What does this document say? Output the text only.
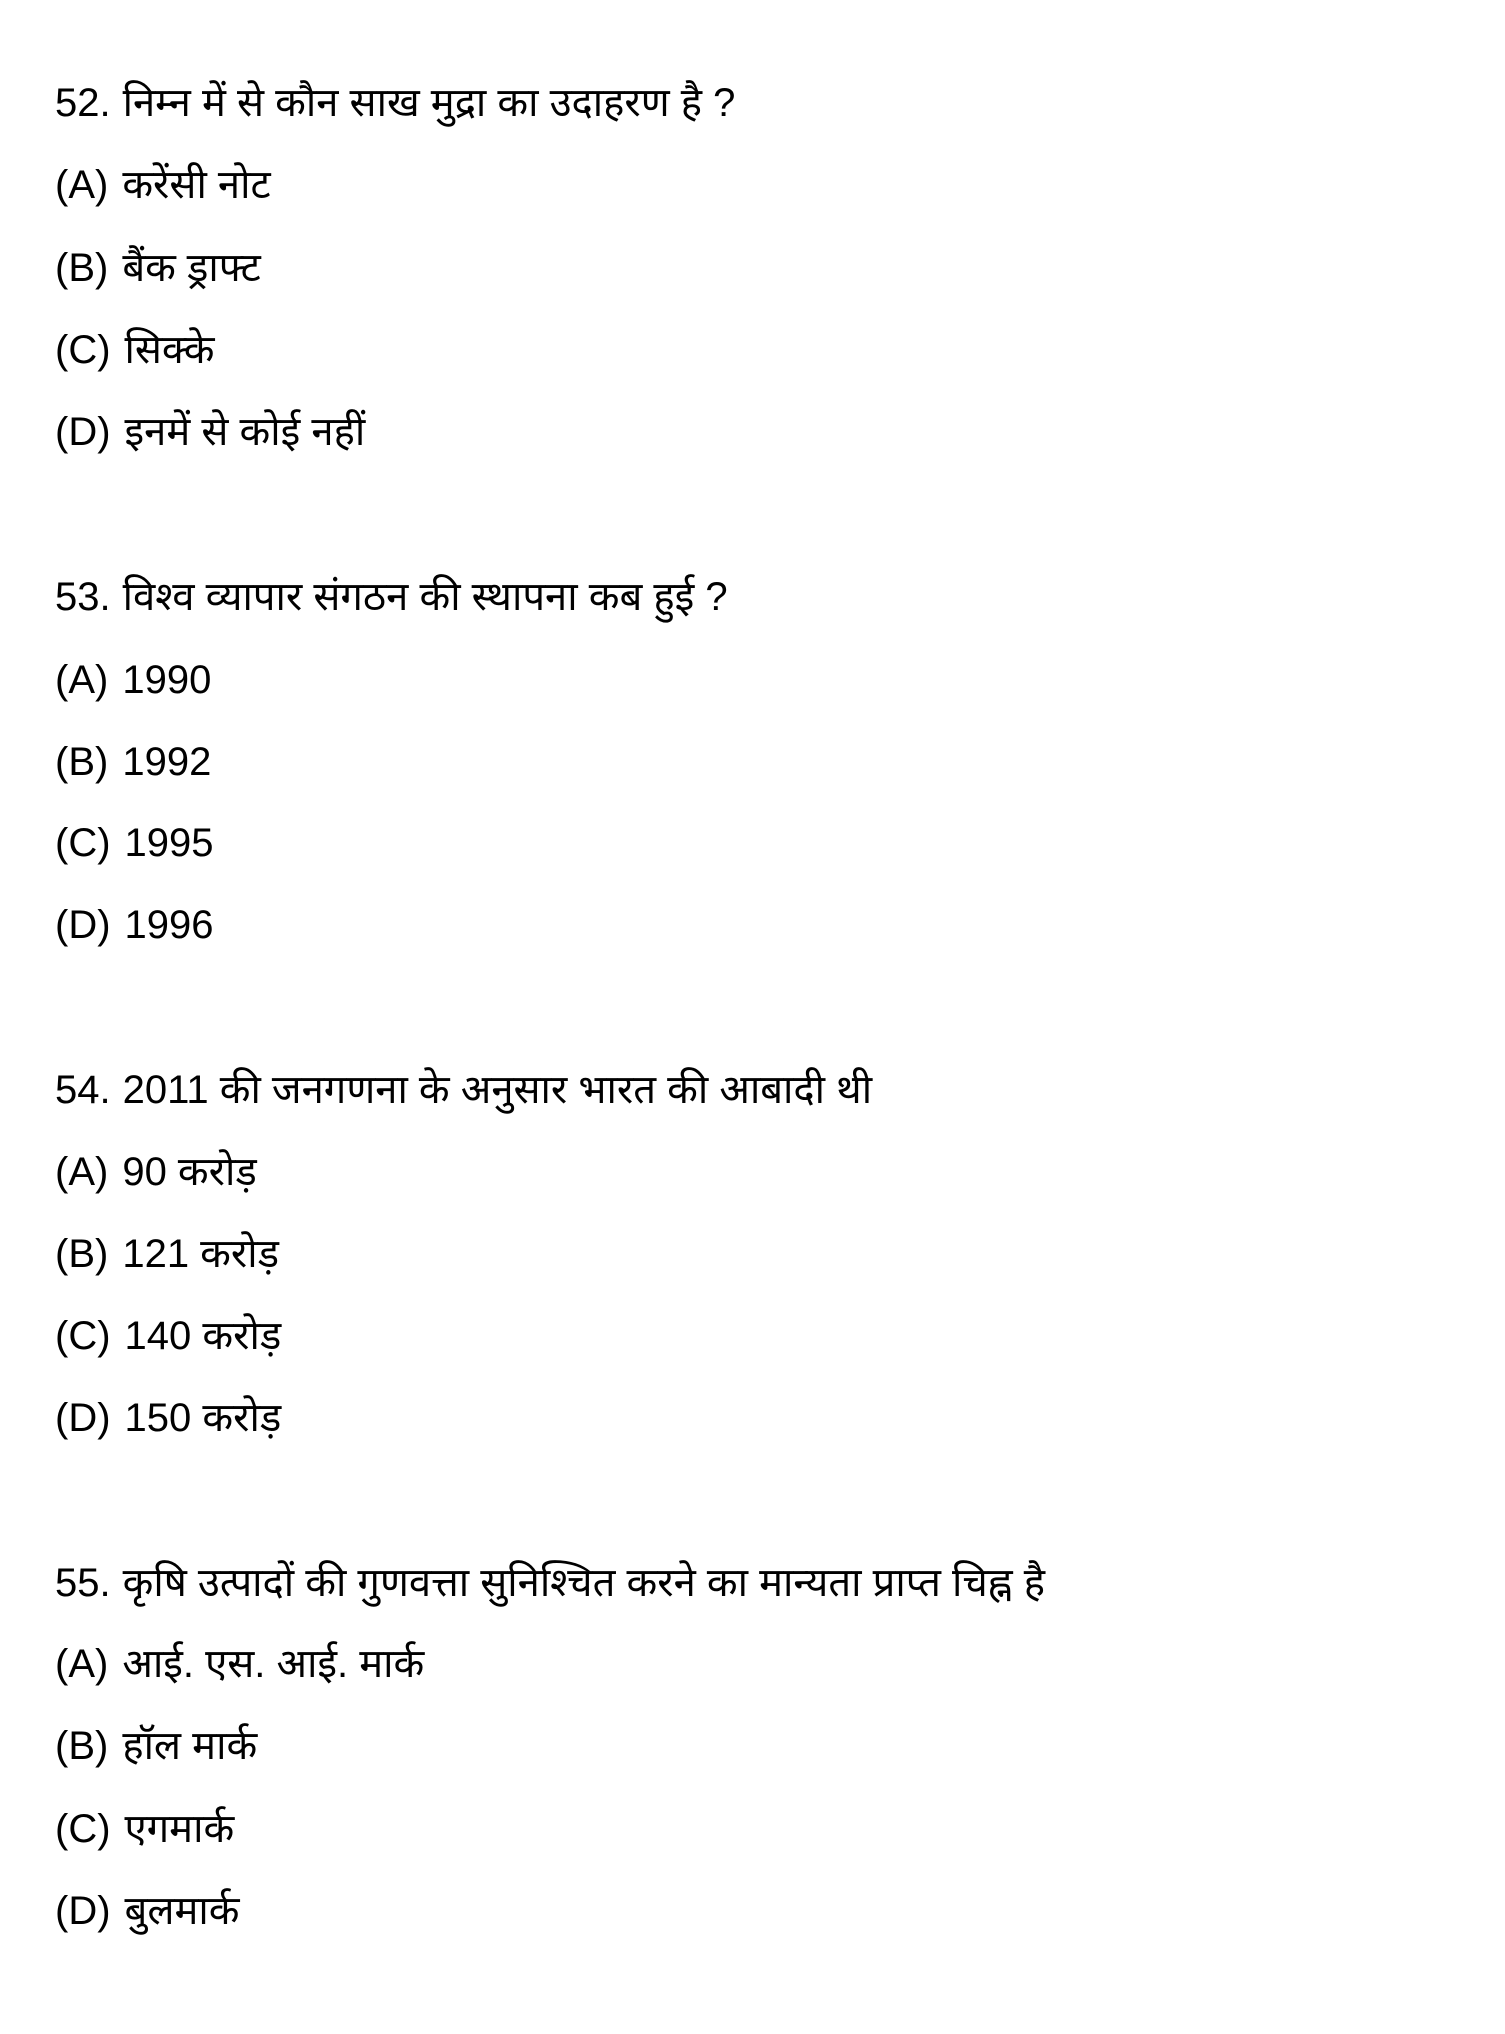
52. निम्न में से कौन साख मुद्रा का उदाहरण है ?
(A) करेंसी नोट
(B) बैंक ड्राफ्ट
(C) सिक्के
(D) इनमें से कोई नहीं
53. विश्व व्यापार संगठन की स्थापना कब हुई ?
(A) 1990
(B) 1992
(C) 1995
(D) 1996
54. 2011 की जनगणना के अनुसार भारत की आबादी थी
(A) 90 करोड़
(B) 121 करोड़
(C) 140 करोड़
(D) 150 करोड़
55. कृषि उत्पादों की गुणवत्ता सुनिश्चित करने का मान्यता प्राप्त चिह्न है
(A) आई. एस. आई. मार्क
(B) हॉल मार्क
(C) एगमार्क
(D) बुलमार्क
